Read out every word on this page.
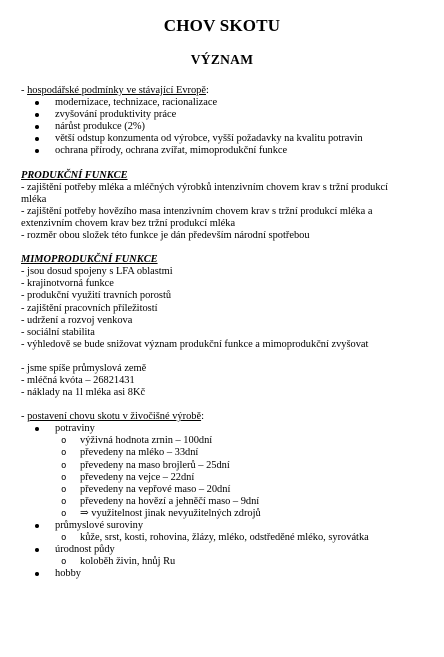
CHOV SKOTU
VÝZNAM
- hospodářské podmínky ve stávající Evropě:
modernizace, technizace, racionalizace
zvyšování produktivity práce
nárůst produkce (2%)
větší odstup konzumenta od výrobce, vyšší požadavky na kvalitu potravin
ochrana přírody, ochrana zvířat, mimoprodukční funkce
PRODUKČNÍ FUNKCE
- zajištění potřeby mléka a mléčných výrobků intenzivním chovem krav s tržní produkcí
mléka
- zajištění potřeby hovězího masa intenzivním chovem krav s tržní produkcí mléka a
extenzivním chovem krav bez tržní produkcí mléka
- rozměr obou složek této funkce je dán především národní spotřebou
MIMOPRODUKČNÍ FUNKCE
- jsou dosud spojeny s LFA oblastmi
- krajinotvorná funkce
- produkční využití travních porostů
- zajištění pracovních příležitostí
- udržení a rozvoj venkova
- sociální stabilita
- výhledově se bude snižovat význam produkční funkce a mimoprodukční zvyšovat
- jsme spíše průmyslová země
- mléčná kvóta – 26821431
- náklady na 1l mléka asi 8Kč
- postavení chovu skotu v živočišné výrobě:
potraviny
o výživná hodnota zrnin – 100dní
o převedeny na mléko – 33dní
o převedeny na maso brojlerů – 25dní
o převedeny na vejce – 22dní
o převedeny na vepřové maso – 20dní
o převedeny na hovězí a jehněčí maso – 9dní
o ⇒ využitelnost jinak nevyužitelných zdrojů
průmyslové suroviny
o kůže, srst, kosti, rohovina, žlázy, mléko, odstředěné mléko, syrovátka
úrodnost půdy
o koloběh živin, hnůj Ru
hobby
